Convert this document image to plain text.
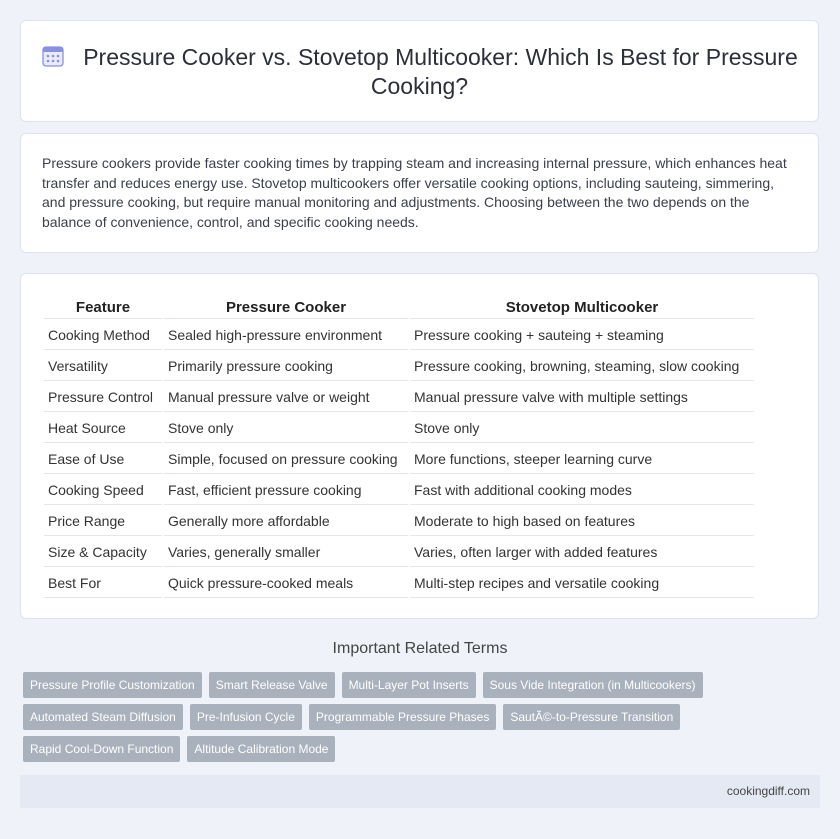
Pressure Cooker vs. Stovetop Multicooker: Which Is Best for Pressure Cooking?
Pressure cookers provide faster cooking times by trapping steam and increasing internal pressure, which enhances heat transfer and reduces energy use. Stovetop multicookers offer versatile cooking options, including sauteing, simmering, and pressure cooking, but require manual monitoring and adjustments. Choosing between the two depends on the balance of convenience, control, and specific cooking needs.
Feature	Pressure Cooker	Stovetop Multicooker
Cooking Method	Sealed high-pressure environment	Pressure cooking + sauteing + steaming
Versatility	Primarily pressure cooking	Pressure cooking, browning, steaming, slow cooking
Pressure Control	Manual pressure valve or weight	Manual pressure valve with multiple settings
Heat Source	Stove only	Stove only
Ease of Use	Simple, focused on pressure cooking	More functions, steeper learning curve
Cooking Speed	Fast, efficient pressure cooking	Fast with additional cooking modes
Price Range	Generally more affordable	Moderate to high based on features
Size & Capacity	Varies, generally smaller	Varies, often larger with added features
Best For	Quick pressure-cooked meals	Multi-step recipes and versatile cooking
Important Related Terms
Pressure Profile Customization	Smart Release Valve	Multi-Layer Pot Inserts	Sous Vide Integration (in Multicookers)
Automated Steam Diffusion	Pre-Infusion Cycle	Programmable Pressure Phases	SautÃ©-to-Pressure Transition
Rapid Cool-Down Function	Altitude Calibration Mode
cookingdiff.com
